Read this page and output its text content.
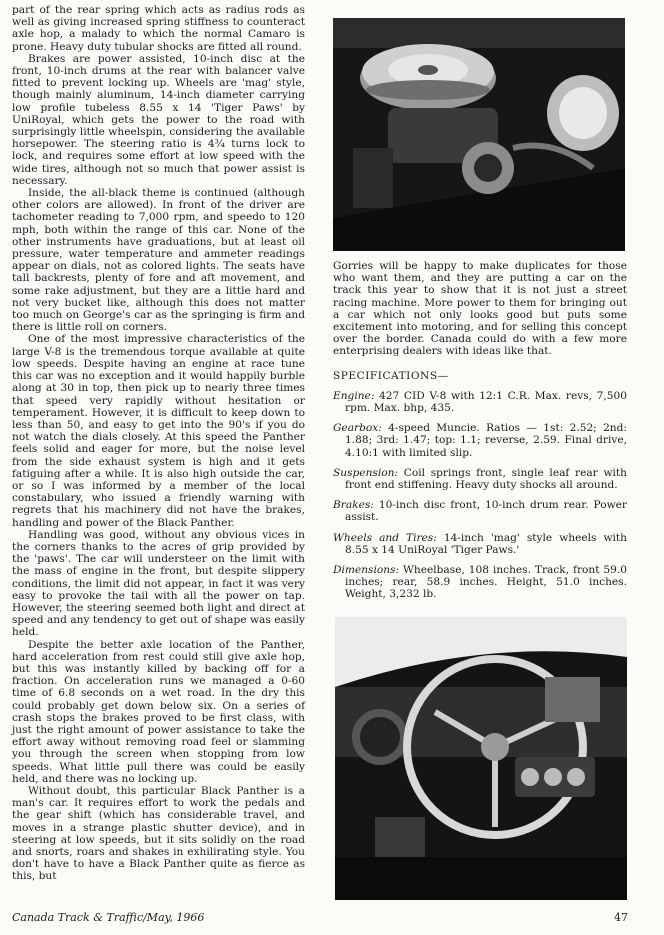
part of the rear spring which acts as radius rods as well as giving increased spring stiffness to counteract axle hop, a malady to which the normal Camaro is prone. Heavy duty tubular shocks are fitted all round.

Brakes are power assisted, 10-inch disc at the front, 10-inch drums at the rear with balancer valve fitted to prevent locking up. Wheels are 'mag' style, though mainly aluminum, 14-inch diameter carrying low profile tubeless 8.55 x 14 'Tiger Paws' by UniRoyal, which gets the power to the road with surprisingly little wheelspin, considering the available horsepower. The steering ratio is 4¾ turns lock to lock, and requires some effort at low speed with the wide tires, although not so much that power assist is necessary.

Inside, the all-black theme is continued (although other colors are allowed). In front of the driver are tachometer reading to 7,000 rpm, and speedo to 120 mph, both within the range of this car. None of the other instruments have graduations, but at least oil pressure, water temperature and ammeter readings appear on dials, not as colored lights. The seats have tall backrests, plenty of fore and aft movement, and some rake adjustment, but they are a little hard and not very bucket like, although this does not matter too much on George's car as the springing is firm and there is little roll on corners.

One of the most impressive characteristics of the large V-8 is the tremendous torque available at quite low speeds. Despite having an engine at race tune this car was no exception and it would happily burble along at 30 in top, then pick up to nearly three times that speed very rapidly without hesitation or temperament. However, it is difficult to keep down to less than 50, and easy to get into the 90's if you do not watch the dials closely. At this speed the Panther feels solid and eager for more, but the noise level from the side exhaust system is high and it gets fatiguing after a while. It is also high outside the car, or so I was informed by a member of the local constabulary, who issued a friendly warning with regrets that his machinery did not have the brakes, handling and power of the Black Panther.

Handling was good, without any obvious vices in the corners thanks to the acres of grip provided by the 'paws'. The car will understeer on the limit with the mass of engine in the front, but despite slippery conditions, the limit did not appear, in fact it was very easy to provoke the tail with all the power on tap. However, the steering seemed both light and direct at speed and any tendency to get out of shape was easily held.

Despite the better axle location of the Panther, hard acceleration from rest could still give axle hop, but this was instantly killed by backing off for a fraction. On acceleration runs we managed a 0-60 time of 6.8 seconds on a wet road. In the dry this could probably get down below six. On a series of crash stops the brakes proved to be first class, with just the right amount of power assistance to take the effort away without removing road feel or slamming you through the screen when stopping from low speeds. What little pull there was could be easily held, and there was no locking up.

Without doubt, this particular Black Panther is a man's car. It requires effort to work the pedals and the gear shift (which has considerable travel, and moves in a strange plastic shutter device), and in steering at low speeds, but it sits solidly on the road and snorts, roars and shakes in exhilirating style. You don't have to have a Black Panther quite as fierce as this, but

Gorries will be happy to make duplicates for those who want them, and they are putting a car on the track this year to show that it is not just a street racing machine. More power to them for bringing out a car which not only looks good but puts some excitement into motoring, and for selling this concept over the border. Canada could do with a few more enterprising dealers with ideas like that.

SPECIFICATIONS—
Engine: 427 CID V-8 with 12:1 C.R. Max. revs, 7,500 rpm. Max. bhp, 435.
Gearbox: 4-speed Muncie. Ratios — 1st: 2.52; 2nd: 1.88; 3rd: 1.47; top: 1.1; reverse, 2.59. Final drive, 4.10:1 with limited slip.
Suspension: Coil springs front, single leaf rear with front end stiffening. Heavy duty shocks all around.
Brakes: 10-inch disc front, 10-inch drum rear. Power assist.
Wheels and Tires: 14-inch 'mag' style wheels with 8.55 x 14 UniRoyal 'Tiger Paws.'
Dimensions: Wheelbase, 108 inches. Track, front 59.0 inches; rear, 58.9 inches. Height, 51.0 inches. Weight, 3,232 lb.
Canada Track & Traffic/May, 1966	47
